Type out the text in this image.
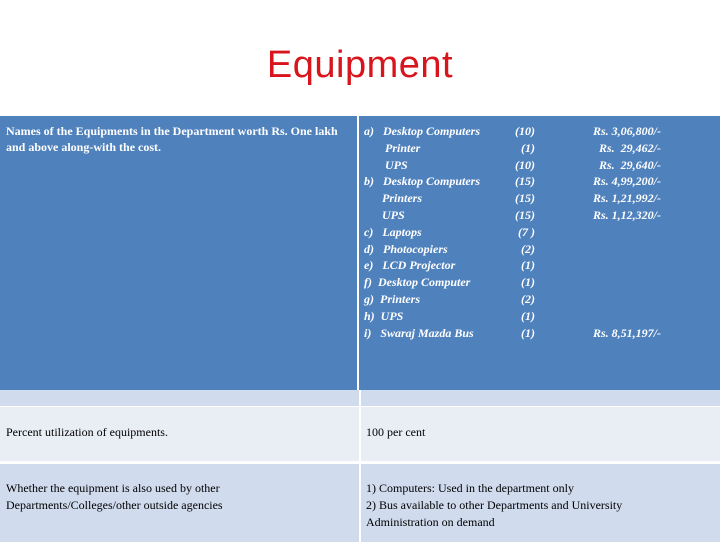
Equipment
Names of the Equipments in the Department worth Rs. One lakh and above along-with the cost.
a)   Desktop Computers
Printer
UPS
b)   Desktop Computers
Printers
UPS
c)   Laptops
d)   Photocopiers
e)   LCD Projector
f)  Desktop Computer
g)  Printers
h)  UPS
i)   Swaraj Mazda Bus
(10)
(1)
(10)
(15)
(15)
(15)
(7 )
(2)
(1)
(1)
(2)
(1)
(1)
Rs. 3,06,800/-
Rs.  29,462/-
Rs.  29,640/-
Rs. 4,99,200/-
Rs. 1,21,992/-
Rs. 1,12,320/-
Rs. 8,51,197/-
Percent utilization of equipments.	100 per cent
Whether the equipment is also used by other Departments/Colleges/other outside agencies
1) Computers: Used in the department only
2) Bus available to other Departments and University
Administration on demand
